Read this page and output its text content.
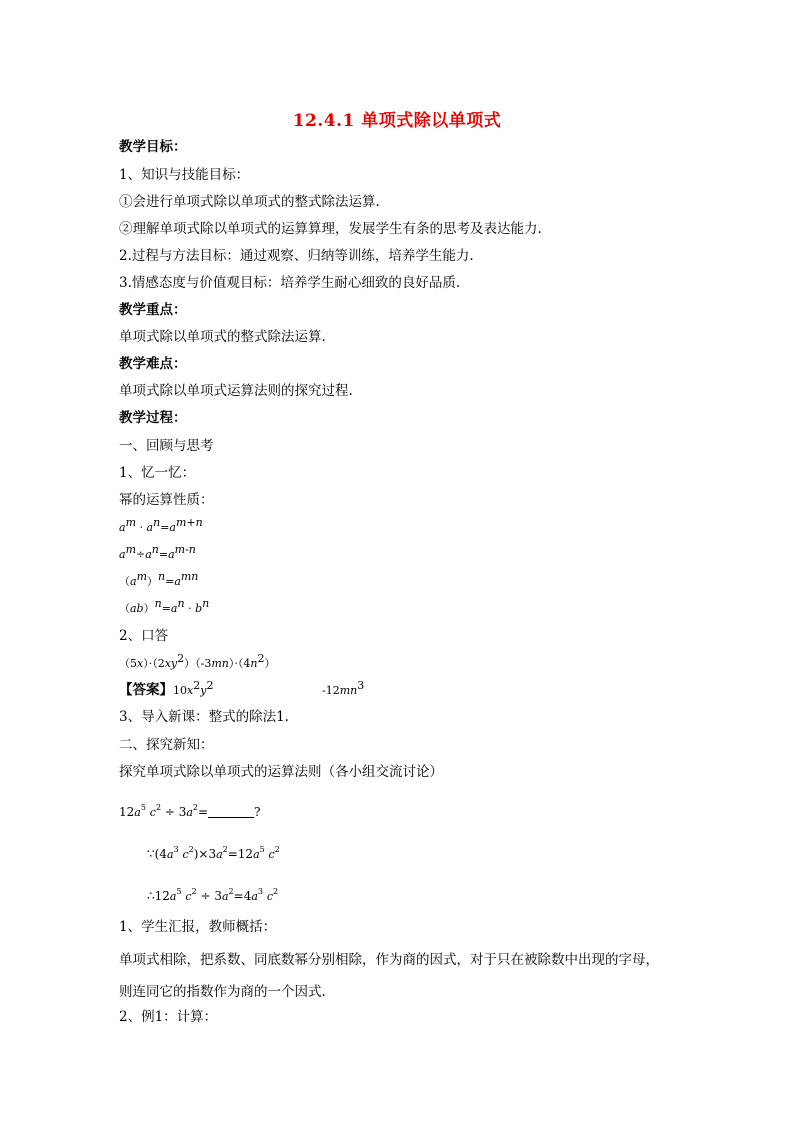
12.4.1 单项式除以单项式
教学目标：
1、知识与技能目标：
①会进行单项式除以单项式的整式除法运算.
②理解单项式除以单项式的运算算理，发展学生有条的思考及表达能力.
2.过程与方法目标：通过观察、归纳等训练，培养学生能力.
3.情感态度与价值观目标：培养学生耐心细致的良好品质.
教学重点：
单项式除以单项式的整式除法运算.
教学难点：
单项式除以单项式运算法则的探究过程.
教学过程：
一、回顾与思考
1、忆一忆：
幂的运算性质：
$a^m \cdot a^n=a^{m+n}$
$a^m\div a^n=a^{m-n}$
$(a^m)^n=a^{mn}$
$(ab)^n=a^n \cdot b^n$
2、口答
$(5x)\cdot(2xy^2)(-3mn)\cdot(4n^2)$
【答案】$10x^2y^2$	$-12mn^3$
3、导入新课：整式的除法1.
二、探究新知：
探究单项式除以单项式的运算法则（各小组交流讨论）
$12a^5$ $c^2 \div 3a^2=$	?
$\because(4a^3$ $c^2)\times 3a^2=12a^5$ $c^2$
$\therefore 12a^5$ $c^2 \div 3a^2=4a^3$ $c^2$
1、学生汇报，教师概括：
单项式相除，把系数、同底数幂分别相除，作为商的因式，对于只在被除数中出现的字母，
则连同它的指数作为商的一个因式.
2、例1：计算：
